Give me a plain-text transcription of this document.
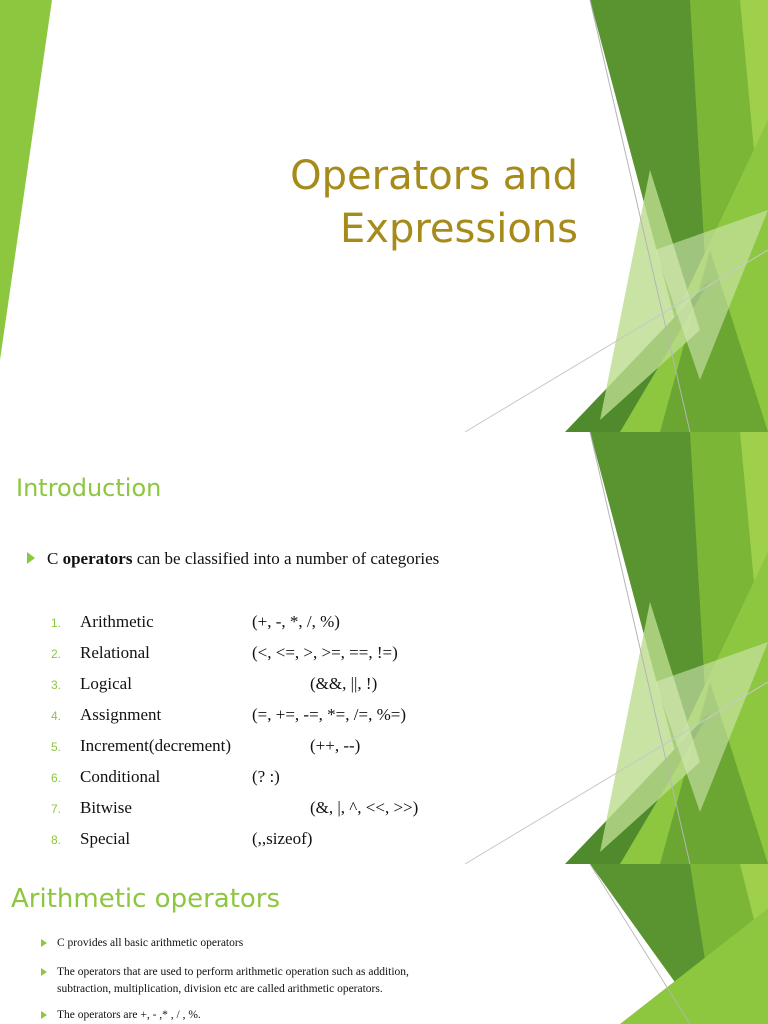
Operators and
Expressions
Introduction
C operators can be classified into a number of categories
1. Arithmetic	(+, -, *, /, %)
2. Relational	(<, <=, >, >=, ==, !=)
3. Logical	(&&, ||, !)
4. Assignment	(=, +=, -=, *=, /=, %=)
5. Increment(decrement)	(++, --)
6. Conditional	(? :)
7. Bitwise	(&, |, ^, <<, >>)
8. Special	(,,sizeof)
Arithmetic operators
C provides all basic arithmetic operators
The operators that are used to perform arithmetic operation such as addition,
subtraction, multiplication, division etc are called arithmetic operators.
The operators are +, - ,* , / , %.
